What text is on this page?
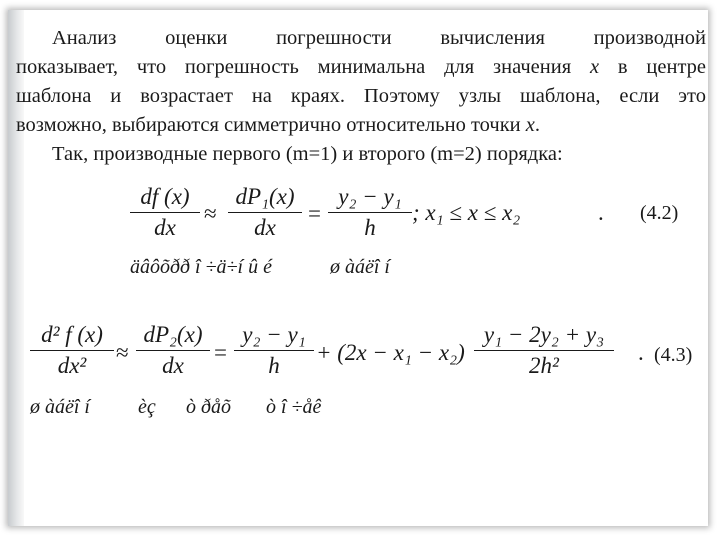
Анализ оценки погрешности вычисления производной
показывает, что погрешность минимальна для значения x в центре
шаблона и возрастает на краях. Поэтому узлы шаблона, если это
возможно, выбираются симметрично относительно точки x.
Так, производные первого (m=1) и второго (m=2) порядка:
df (x)
dx
≈
dP₁(x)
dx
=
y₂ − y₁
h
; x₁ ≤ x ≤ x₂	. (4.2)
äâôõðð î ÷ä÷í û é	ø àáëî í
d² f (x)
dx²
≈
dP₂(x)
dx
=
y₂ − y₁
h
+ (2x − x₁ − x₂)
y₁ − 2y₂ + y₃
2h²
. (4.3)
ø àáëî í èç ò ðåõ ò î ÷åê
